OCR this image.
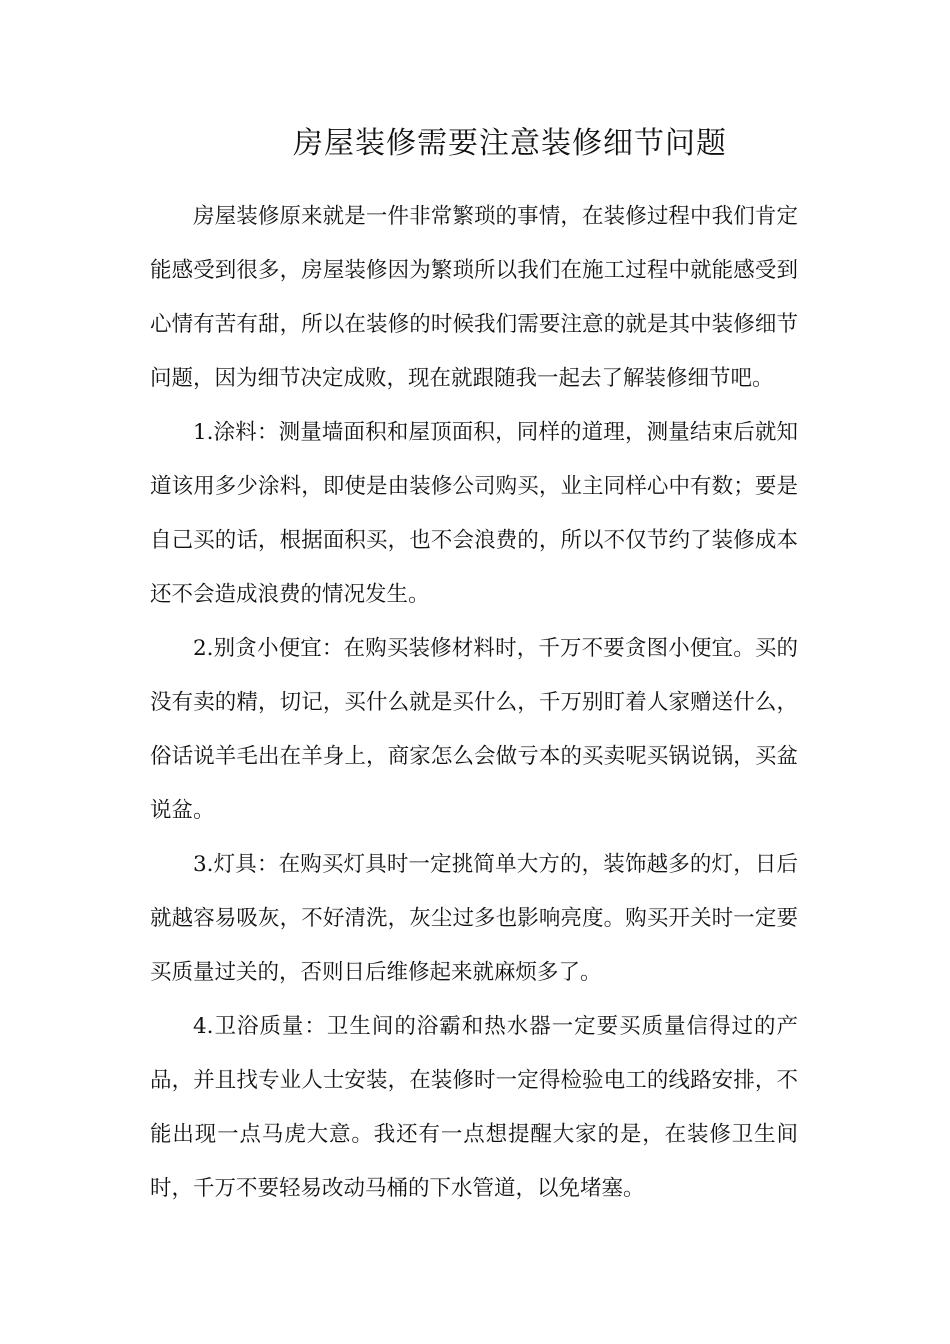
房屋装修需要注意装修细节问题

房屋装修原来就是一件非常繁琐的事情，在装修过程中我们肯定能感受到很多，房屋装修因为繁琐所以我们在施工过程中就能感受到心情有苦有甜，所以在装修的时候我们需要注意的就是其中装修细节问题，因为细节决定成败，现在就跟随我一起去了解装修细节吧。

1.涂料：测量墙面积和屋顶面积，同样的道理，测量结束后就知道该用多少涂料，即使是由装修公司购买，业主同样心中有数；要是自己买的话，根据面积买，也不会浪费的，所以不仅节约了装修成本还不会造成浪费的情况发生。

2.别贪小便宜：在购买装修材料时，千万不要贪图小便宜。买的没有卖的精，切记，买什么就是买什么，千万别盯着人家赠送什么，俗话说羊毛出在羊身上，商家怎么会做亏本的买卖呢买锅说锅，买盆说盆。

3.灯具：在购买灯具时一定挑简单大方的，装饰越多的灯，日后就越容易吸灰，不好清洗，灰尘过多也影响亮度。购买开关时一定要买质量过关的，否则日后维修起来就麻烦多了。

4.卫浴质量：卫生间的浴霸和热水器一定要买质量信得过的产品，并且找专业人士安装，在装修时一定得检验电工的线路安排，不能出现一点马虎大意。我还有一点想提醒大家的是，在装修卫生间时，千万不要轻易改动马桶的下水管道，以免堵塞。
